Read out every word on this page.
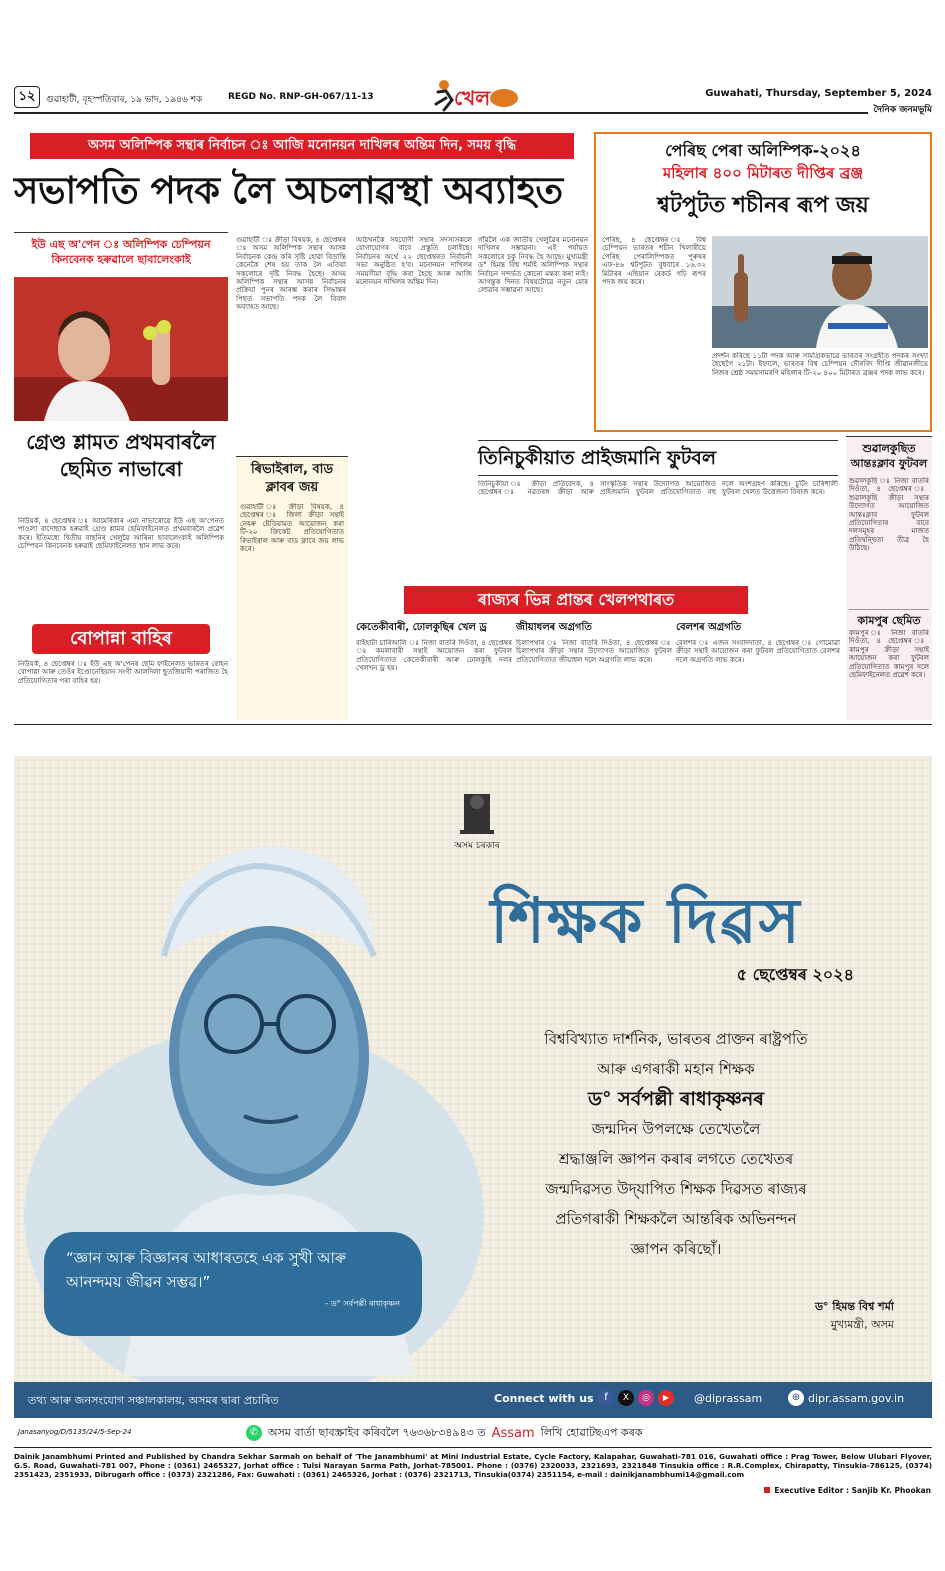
১২	গুৱাহাটী, বৃহস্পতিবাৰ, ১৯ ভাদ, ১৯৪৬ শক	REGD No. RNP-GH-067/11-13	খেল	Guwahati, Thursday, September 5, 2024
দৈনিক জনমভূমি
অসম অলিম্পিক সন্থাৰ নিৰ্বাচন ঃ আজি মনোনয়ন দাখিলৰ অন্তিম দিন, সময় বৃদ্ধি
সভাপতি পদক লৈ অচলাৱস্থা অব্যাহত
ইউ এছ অ'পেন ঃ অলিম্পিক চেম্পিয়ন কিনবেনক হৰুৱালে ছাবালেংকাই
গ্ৰেণ্ড শ্লামত প্ৰথমবাৰলৈ ছেমিত নাভাৰো
নিউয়ৰ্ক, ৪ ছেপ্তেম্বৰ ঃ আমেৰিকাৰ এমা নাভাৰোৱে ইউ এছ অ'পেনত পাওলা বাদোছাক হৰুৱাই গ্ৰেণ্ড শ্লামৰ ছেমিফাইনেলত প্ৰথমবাৰলৈ প্ৰৱেশ কৰে। ইতিমধ্যে দ্বিতীয় বাছনিৰ খেলুৱৈ আৰিনা ছাবালেংকাই অলিম্পিক চেম্পিয়ন কিনবেনক হৰুৱাই ছেমিফাইনেলত স্থান লাভ কৰে।
বোপান্না বাহিৰ
নিউয়ৰ্ক, ৪ ছেপ্তেম্বৰ ঃ ইউ এছ অ'পেনৰ ছেমি ফাইনেলত ভাৰতৰ ৰোহন বোপান্না আৰু তেওঁৰ ইণ্ডোনেছিয়ান সংগী আলদিলা ছুতজিয়াদী পৰাজিত হৈ প্ৰতিযোগিতাৰ পৰা বাহিৰ হয়।
গুৱাহাটী ঃ ক্ৰীড়া বিষয়ক, ৪ ছেপ্তেম্বৰ ঃ অসম অলিম্পিক সন্থাৰ আসন্ন নিৰ্বাচনক কেন্দ্ৰ কৰি সৃষ্টি হোৱা বিভ্ৰান্তি কেনেকৈ শেষ হয় তাক লৈ এতিয়া সকলোৰে দৃষ্টি নিবদ্ধ হৈছে। অসম অলিম্পিক সন্থাৰ আসন্ন নিৰ্বাচনৰ প্ৰক্ৰিয়া পুনৰ আৰম্ভ কৰাৰ সিদ্ধান্তৰ পিছত সভাপতি পদক লৈ বিবাদ অব্যাহত আছে।
ৰিভাইৰাল, বাড ক্লাবৰ জয়
গুৱাহাটী ঃ ক্ৰীড়া বিষয়ক, ৪ ছেপ্তেম্বৰ ঃ জিলা ক্ৰীড়া সন্থাই নেহৰু ষ্টেডিয়ামত আয়োজন কৰা টি-২০ ক্ৰিকেট প্ৰতিযোগিতাত ৰিভাইৰাল আৰু বাড ক্লাবে জয় লাভ কৰে।
আঠখনকৈ সহযোগী সন্থাৰ সদস্যসকলে যোগাযোগৰ বাবে প্ৰস্তুতি চলাইছে। নিৰ্বাচনৰ অৰ্থে ২২ ছেপ্তেম্বৰত নিৰ্বাচনী সভা অনুষ্ঠিত হ'ব। মনোনয়ন দাখিলৰ সময়সীমা বৃদ্ধি কৰা হৈছে আৰু আজি মনোনয়ন দাখিলৰ অন্তিম দিন।
গাঁৱলৈ এক জাতীয় খেলুৱৈৰ মনোনয়ন দাখিলৰ সম্ভাৱনা। এই পৰ্যায়ত সকলোৰে চকু নিবদ্ধ হৈ আছে। মুখ্যমন্ত্ৰী ড° হিমন্ত বিশ্ব শৰ্মাই অলিম্পিক সন্থাৰ নিৰ্বাচন সন্দৰ্ভত কোনো মন্তব্য কৰা নাই। আগন্তুক দিনত বিষয়টোৱে নতুন মোৰ লোৱাৰ সম্ভাৱনা আছে।
পেৰিছ পেৰা অলিম্পিক-২০২৪
মহিলাৰ ৪০০ মিটাৰত দীপ্তিৰ ব্ৰঞ্জ
শ্বটপুটত শচীনৰ ৰূপ জয়
পেৰিছ, ৪ ছেপ্তেম্বৰ ঃ বিশ্ব চেম্পিয়ন ভাৰতৰ শচীন খিলাৰীয়ে পেৰিছ পেৰালিম্পিকত পুৰুষৰ এফ-৪৬ শ্বটপুটত বুধবাৰে ১৬.৩২ মিটাৰৰ এছিয়ান ৰেকৰ্ড গঢ়ি ৰূপৰ পদক জয় কৰে।
প্ৰদৰ্শন কৰিছে ১১টা পদক আৰু সামগ্ৰিকভাৱে ভাৰতৰ সংগ্ৰহীত পদকৰ সংখ্যা হৈছেগৈ ২১টা। ইফালে, ভাৰতৰ বিশ্ব চেম্পিয়ন দৌৰবিদ দীপ্তি জীৱানজীয়ে নিজৰ শ্ৰেষ্ঠ সময়সামৰণি মহিলাৰ টি-২০ ৪০০ মিটাৰত ব্ৰঞ্জৰ পদক লাভ কৰে।
তিনিচুকীয়াত প্ৰাইজমানি ফুটবল
তিনিচুকীয়া ঃ ক্ৰীড়া প্ৰতিবেদক, ৪ ছেপ্তেম্বৰ ঃ নৱতৰঙ্গ ক্ৰীড়া আৰু সাংস্কৃতিক সন্থাৰ উদ্যোগত আয়োজিত প্ৰাইজমানি ফুটবল প্ৰতিযোগিতাত বহু দলে অংশগ্ৰহণ কৰিছে। চুটিং চাৰিশালী ফুটবল খেলত উত্তেজনা বিৰাজ কৰে।
শুৱালকুছিত আন্তঃক্লাব ফুটবল
শুৱালকুছি ঃ নিজা বাতৰি দিওঁতা, ৪ ছেপ্তেম্বৰ ঃ শুৱালকুছি ক্ৰীড়া সন্থাৰ উদ্যোগত আয়োজিত আন্তঃক্লাব ফুটবল প্ৰতিযোগিতাৰ বাবে দলসমূহৰ মাজত প্ৰতিদ্বন্দ্বিতা তীব্ৰ হৈ উঠিছে।
কামপুৰ ছেমিত
কামপুৰ ঃ নিজা বাতৰি দিওঁতা, ৪ ছেপ্তেম্বৰ ঃ কামপুৰ ক্ৰীড়া সন্থাই আয়োজন কৰা ফুটবল প্ৰতিযোগিতাত কামপুৰ দলে ছেমিফাইনেলত প্ৰৱেশ কৰে।
ৰাজ্যৰ ভিন্ন প্ৰান্তৰ খেলপথাৰত
কেতেকীবাৰী, ঢোলকুছিৰ খেল ড্ৰ
বাইহাটা চাৰিআলি ঃ নিজা বাতৰি দিওঁতা, ৪ ছেপ্তেম্বৰ ঃ কমলাবাৰী সন্থাই আয়োজন কৰা ফুটবল প্ৰতিযোগিতাত কেতেকীবাৰী আৰু ঢোলকুছি দলৰ খেলখন ড্ৰ হয়।
জীয়াধলৰ অগ্ৰগতি
চিলাপথাৰ ঃ নিজা বাতৰি দিওঁতা, ৪ ছেপ্তেম্বৰ ঃ চিলাপথাৰ ক্ৰীড়া সন্থাৰ উদ্যোগত আয়োজিত ফুটবল প্ৰতিযোগিতাত জীয়াধল দলে অগ্ৰগতি লাভ কৰে।
বেলশৰ অগ্ৰগতি
বেলশৰ ঃ এজন সংবাদদাতা, ৪ ছেপ্তেম্বৰ ঃ গোমোৱা ক্ৰীড়া সন্থাই আয়োজন কৰা ফুটবল প্ৰতিযোগিতাত বেলশৰ দলে অগ্ৰগতি লাভ কৰে।
অসম চৰকাৰ
শিক্ষক দিৱস
৫ ছেপ্তেম্বৰ ২০২৪
বিশ্ববিখ্যাত দাৰ্শনিক, ভাৰতৰ প্ৰাক্তন ৰাষ্ট্ৰপতি
আৰু এগৰাকী মহান শিক্ষক
ড° সৰ্বপল্লী ৰাধাকৃষ্ণনৰ
জন্মদিন উপলক্ষে তেখেতলৈ
শ্ৰদ্ধাঞ্জলি জ্ঞাপন কৰাৰ লগতে তেখেতৰ
জন্মদিৱসত উদ্‌যাপিত শিক্ষক দিৱসত ৰাজ্যৰ
প্ৰতিগৰাকী শিক্ষকলৈ আন্তৰিক অভিনন্দন
জ্ঞাপন কৰিছোঁ।
ড° হিমন্ত বিশ্ব শৰ্মা
মুখ্যমন্ত্ৰী, অসম
“জ্ঞান আৰু বিজ্ঞানৰ আধাৰতহে এক সুখী আৰু আনন্দময় জীৱন সম্ভৱ।”
- ড° সৰ্বপল্লী ৰাধাকৃষ্ণন
তথ্য আৰু জনসংযোগ সঞ্চালকালয়, অসমৰ দ্বাৰা প্ৰচাৰিত	Connect with us	f	X	◎	▶	@diprassam	⊕ dipr.assam.gov.in
Janasanyog/D/5135/24/5-Sep-24	✆ অসম বাৰ্তা ছাবস্ক্ৰাইব কৰিবলৈ ৭৬৩৬৮৩৪৯৪৩ ত Assam লিখি হোৱাটছএপ কৰক
Dainik Janambhumi Printed and Published by Chandra Sekhar Sarmah on behalf of 'The Janambhumi' at Mini Industrial Estate, Cycle Factory, Kalapahar, Guwahati-781 016, Guwahati office : Prag Tower, Below Ulubari Flyover, G.S. Road, Guwahati-781 007, Phone : (0361) 2465327, Jorhat office : Tulsi Narayan Sarma Path, Jorhat-785001. Phone : (0376) 2320033, 2321693, 2321848 Tinsukia office : R.R.Complex, Chirapatty, Tinsukia-786125, (0374) 2351423, 2351933, Dibrugarh office : (0373) 2321286, Fax: Guwahati : (0361) 2465326, Jorhat : (0376) 2321713, Tinsukia(0374) 2351154, e-mail : dainikjanambhumi14@gmail.com
Executive Editor : Sanjib Kr. Phookan
